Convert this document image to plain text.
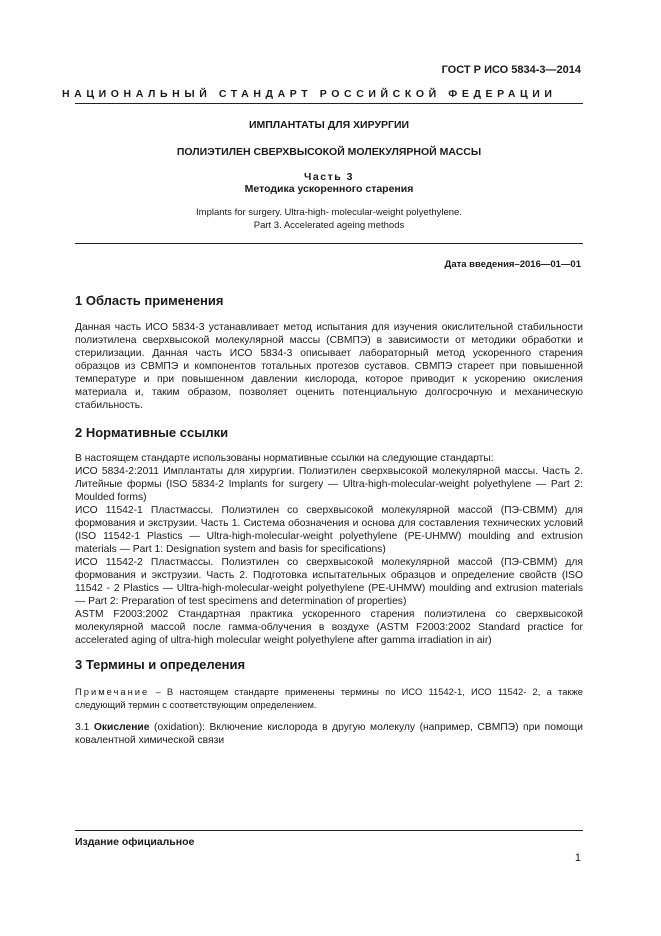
ГОСТ Р ИСО 5834-3—2014
НАЦИОНАЛЬНЫЙ СТАНДАРТ РОССИЙСКОЙ ФЕДЕРАЦИИ
ИМПЛАНТАТЫ ДЛЯ ХИРУРГИИ
ПОЛИЭТИЛЕН СВЕРХВЫСОКОЙ МОЛЕКУЛЯРНОЙ МАССЫ
Часть 3
Методика ускоренного старения
Implants for surgery. Ultra-high- molecular-weight polyethylene.
Part 3. Accelerated ageing methods
Дата введения–2016—01—01
1 Область применения
Данная часть ИСО 5834-3 устанавливает метод испытания для изучения окислительной стабильности полиэтилена сверхвысокой молекулярной массы (СВМПЭ) в зависимости от методики обработки и стерилизации. Данная часть ИСО 5834-3 описывает лабораторный метод ускоренного старения образцов из СВМПЭ и компонентов тотальных протезов суставов. СВМПЭ стареет при повышенной температуре и при повышенном давлении кислорода, которое приводит к ускорению окисления материала и, таким образом, позволяет оценить потенциальную долгосрочную и механическую стабильность.
2 Нормативные ссылки
В настоящем стандарте использованы нормативные ссылки на следующие стандарты:
ИСО 5834-2:2011 Имплантаты для хирургии. Полиэтилен сверхвысокой молекулярной массы. Часть 2. Литейные формы (ISO 5834-2 Implants for surgery — Ultra-high-molecular-weight polyethylene — Part 2: Moulded forms)
ИСО 11542-1 Пластмассы. Полиэтилен со сверхвысокой молекулярной массой (ПЭ-СВММ) для формования и экструзии. Часть 1. Система обозначения и основа для составления технических условий (ISO 11542-1 Plastics — Ultra-high-molecular-weight polyethylene (PE-UHMW) moulding and extrusion materials — Part 1: Designation system and basis for specifications)
ИСО 11542-2 Пластмассы. Полиэтилен со сверхвысокой молекулярной массой (ПЭ-СВММ) для формования и экструзии. Часть 2. Подготовка испытательных образцов и определение свойств (ISO 11542 - 2 Plastics — Ultra-high-molecular-weight polyethylene (PE-UHMW) moulding and extrusion materials — Part 2: Preparation of test specimens and determination of properties)
ASTM F2003:2002 Стандартная практика ускоренного старения полиэтилена со сверхвысокой молекулярной массой после гамма-облучения в воздухе (ASTM F2003:2002 Standard practice for accelerated aging of ultra-high molecular weight polyethylene after gamma irradiation in air)
3 Термины и определения
Примечание – В настоящем стандарте применены термины по ИСО 11542-1, ИСО 11542- 2, а также следующий термин с соответствующим определением.
3.1 Окисление (oxidation): Включение кислорода в другую молекулу (например, СВМПЭ) при помощи ковалентной химической связи
Издание официальное
1
